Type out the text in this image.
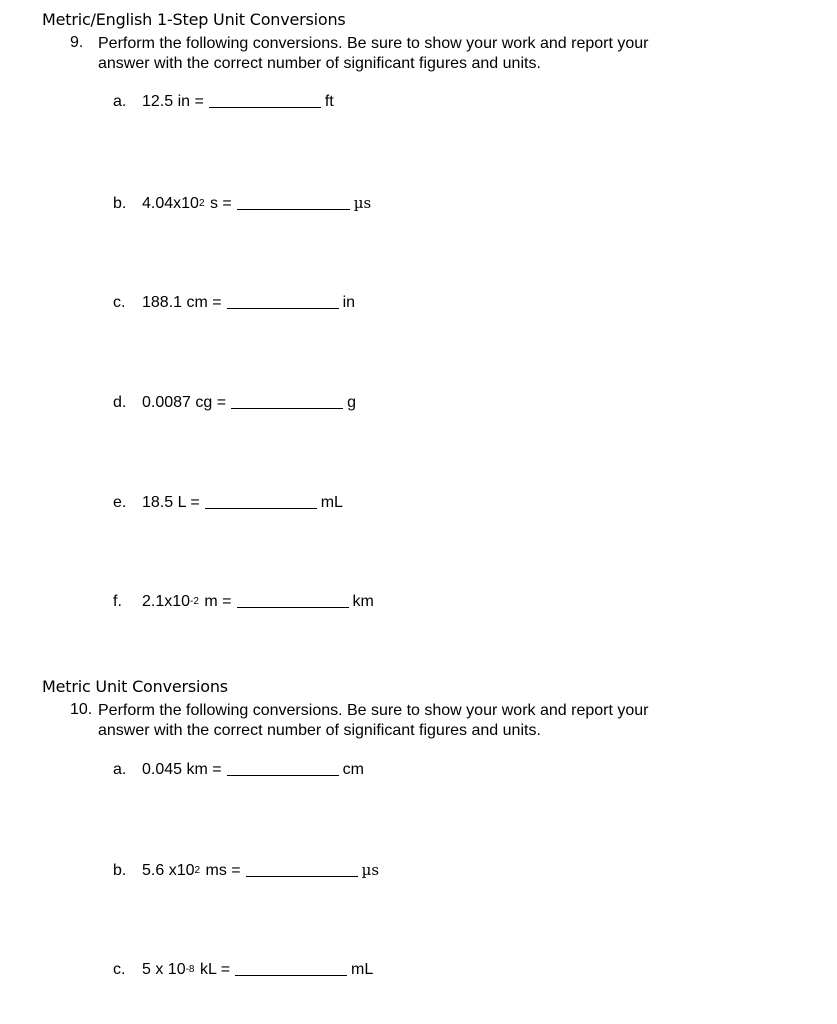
Metric/English 1-Step Unit Conversions
9. Perform the following conversions. Be sure to show your work and report your
answer with the correct number of significant figures and units.
a. 12.5 in =	ft
b. $4.04x10^2$ s =	µs
c.	188.1 cm =	in
d. 0.0087 cg =	g
e. 18.5 L =	mL
f.	$2.1x10^{-2}$ m =	km
Metric Unit Conversions
10. Perform the following conversions. Be sure to show your work and report your
answer with the correct number of significant figures and units.
a. 0.045 km =	cm
b. 5.6 $x10^2$ ms =	µs
c.	5 x $10^{-8}$ kL =	mL
